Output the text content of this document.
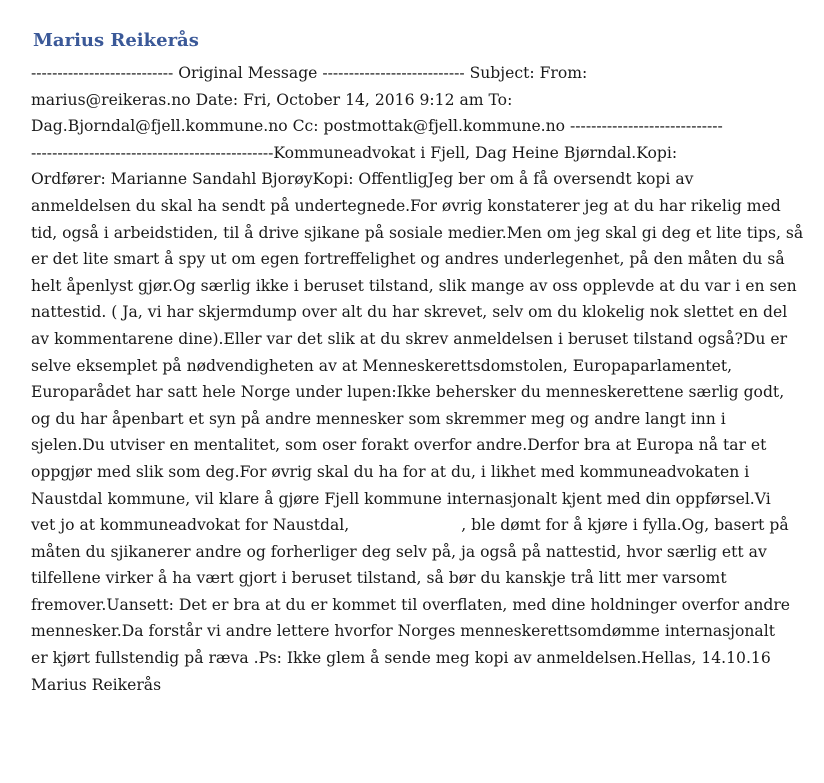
Marius Reikerås
--------------------------- Original Message --------------------------- Subject: From:
marius@reikeras.no Date: Fri, October 14, 2016 9:12 am To:
Dag.Bjorndal@fjell.kommune.no Cc: postmottak@fjell.kommune.no -----------------------------
----------------------------------------------Kommuneadvokat i Fjell, Dag Heine Bjørndal.Kopi:
Ordfører: Marianne Sandahl BjorøyKopi: OffentligJeg ber om å få oversendt kopi av
anmeldelsen du skal ha sendt på undertegnede.For øvrig konstaterer jeg at du har rikelig med
tid, også i arbeidstiden, til å drive sjikane på sosiale medier.Men om jeg skal gi deg et lite tips, så
er det lite smart å spy ut om egen fortreffelighet og andres underlegenhet, på den måten du så
helt åpenlyst gjør.Og særlig ikke i beruset tilstand, slik mange av oss opplevde at du var i en sen
nattestid. ( Ja, vi har skjermdump over alt du har skrevet, selv om du klokelig nok slettet en del
av kommentarene dine).Eller var det slik at du skrev anmeldelsen i beruset tilstand også?Du er
selve eksemplet på nødvendigheten av at Menneskerettsdomstolen, Europaparlamentet,
Europarådet har satt hele Norge under lupen:Ikke behersker du menneskerettene særlig godt,
og du har åpenbart et syn på andre mennesker som skremmer meg og andre langt inn i
sjelen.Du utviser en mentalitet, som oser forakt overfor andre.Derfor bra at Europa nå tar et
oppgjør med slik som deg.For øvrig skal du ha for at du, i likhet med kommuneadvokaten i
Naustdal kommune, vil klare å gjøre Fjell kommune internasjonalt kjent med din oppførsel.Vi
vet jo at kommuneadvokat for Naustdal,	, ble dømt for å kjøre i fylla.Og, basert på
måten du sjikanerer andre og forherliger deg selv på, ja også på nattestid, hvor særlig ett av
tilfellene virker å ha vært gjort i beruset tilstand, så bør du kanskje trå litt mer varsomt
fremover.Uansett: Det er bra at du er kommet til overflaten, med dine holdninger overfor andre
mennesker.Da forstår vi andre lettere hvorfor Norges menneskerettsomdømme internasjonalt
er kjørt fullstendig på ræva .Ps: Ikke glem å sende meg kopi av anmeldelsen.Hellas, 14.10.16
Marius Reikerås
